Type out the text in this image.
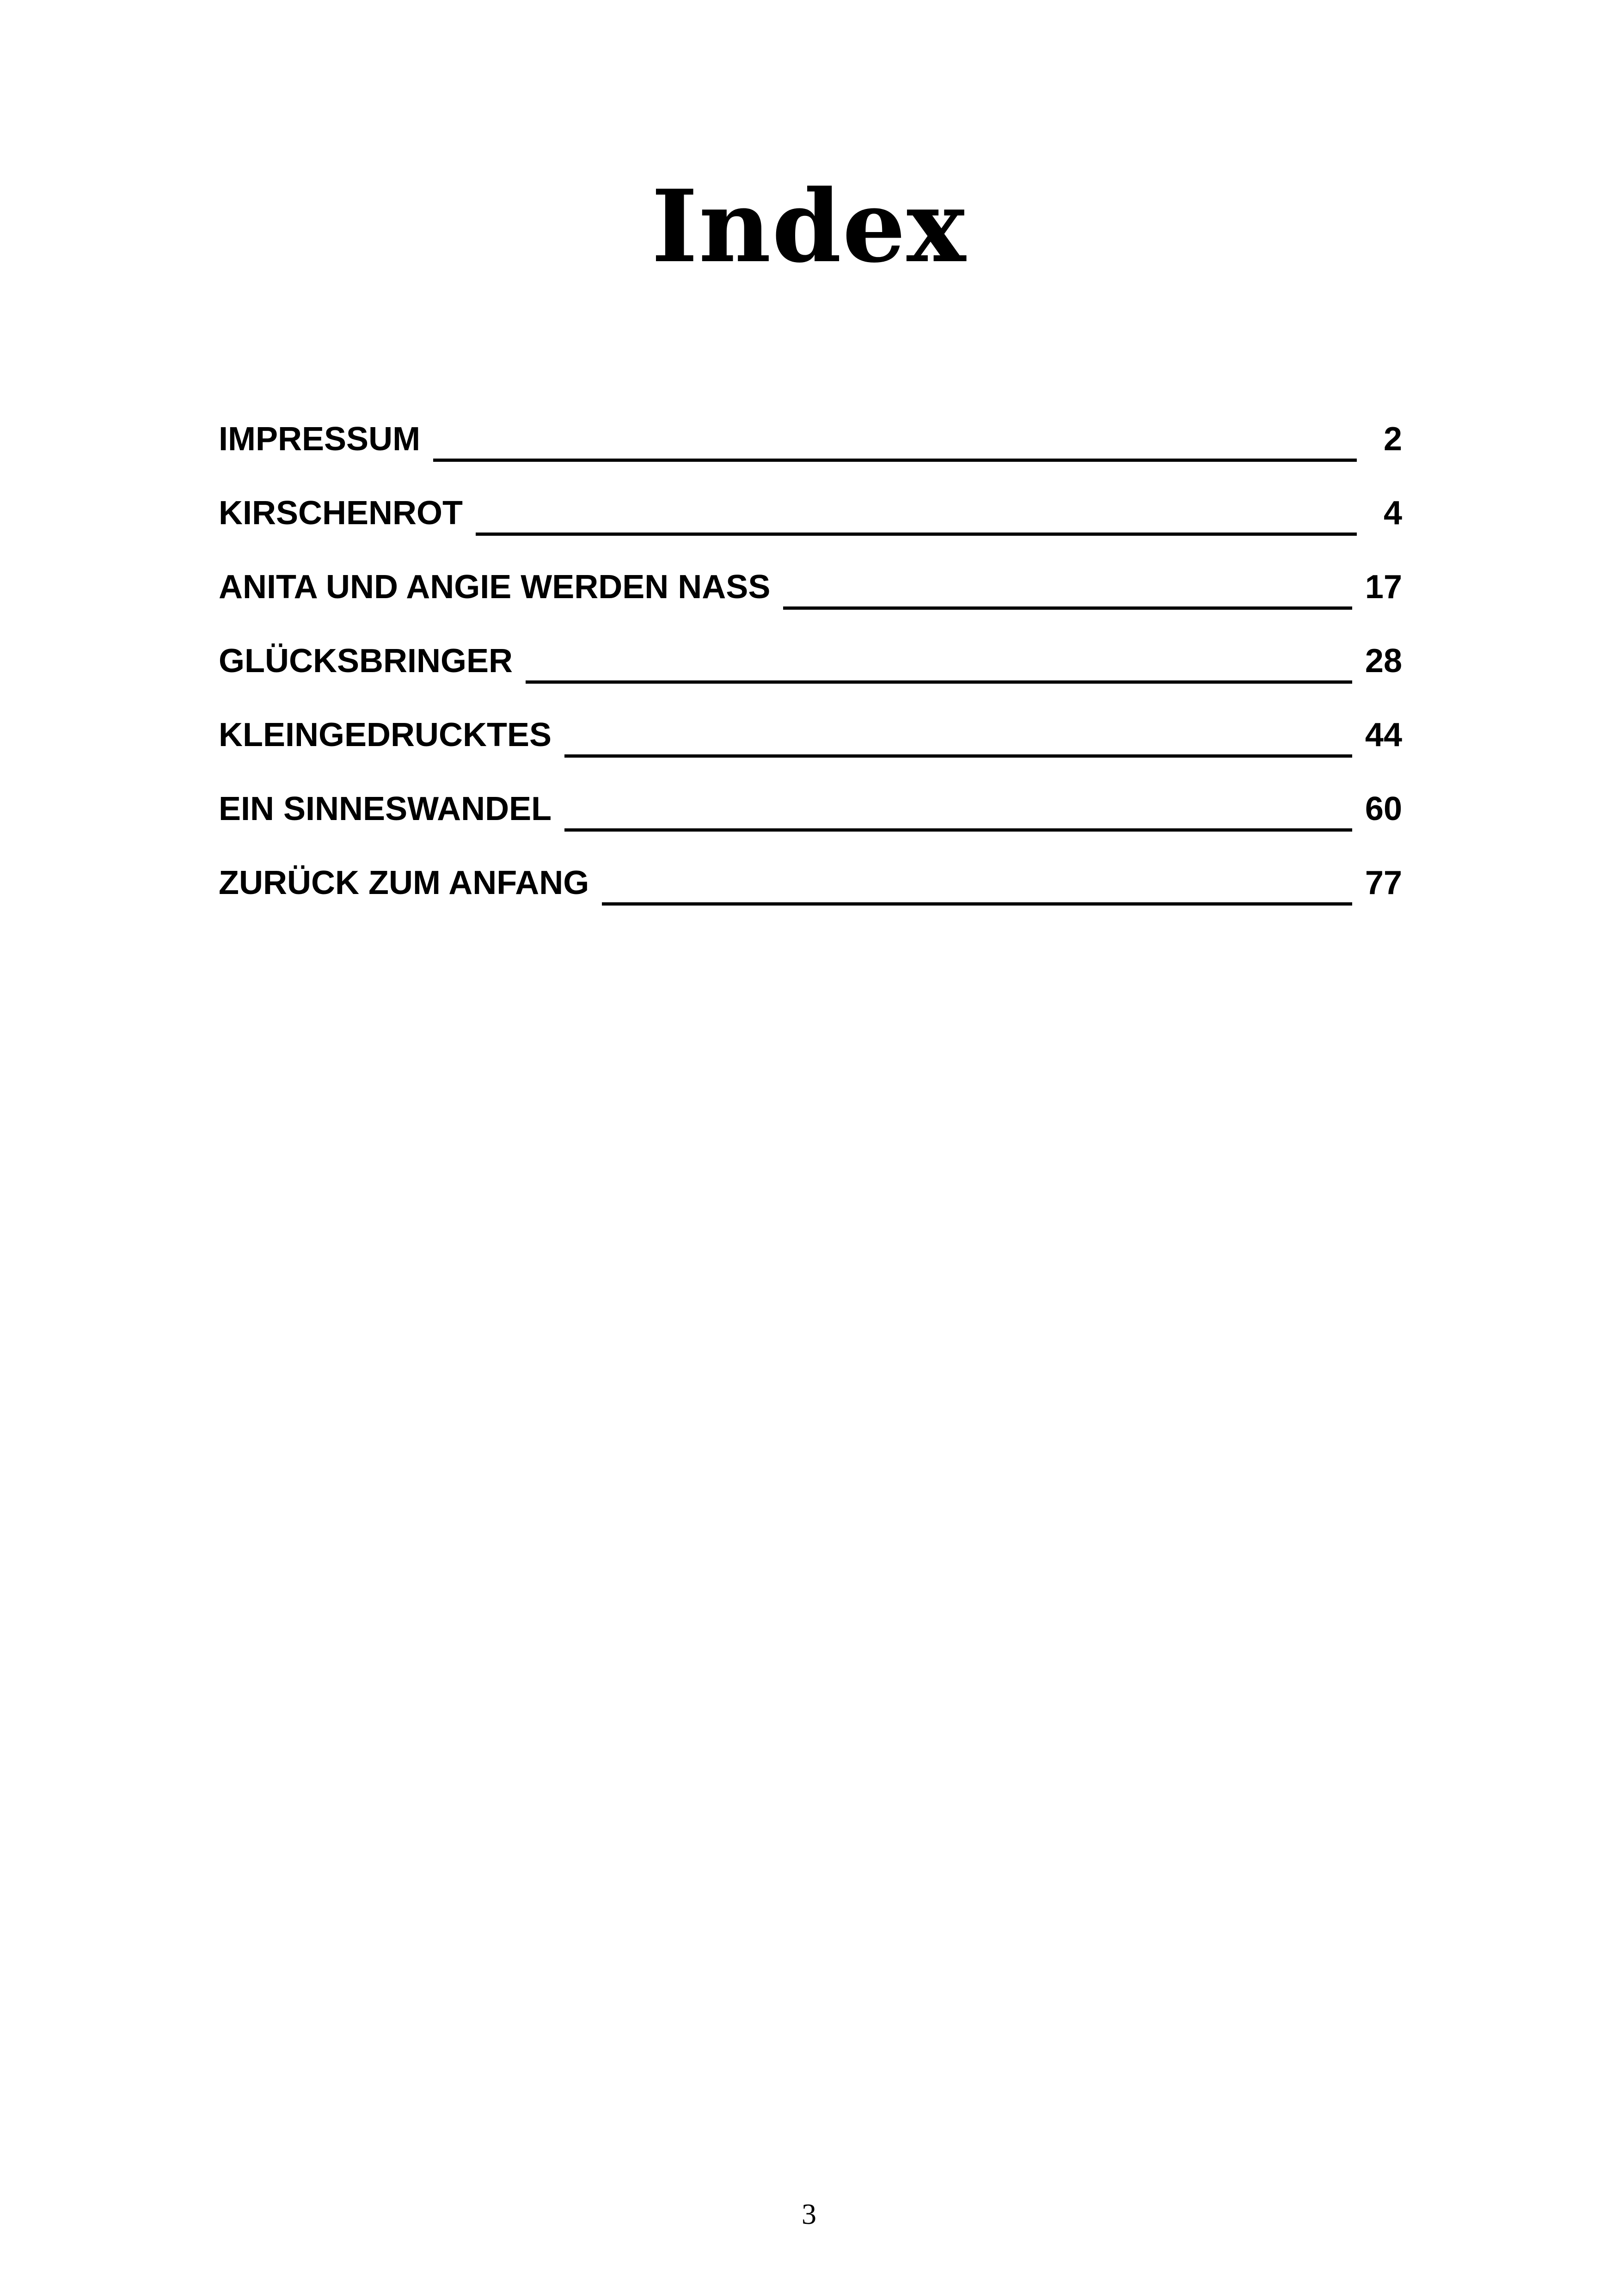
Index
IMPRESSUM	2
KIRSCHENROT	4
ANITA UND ANGIE WERDEN NASS	17
GLÜCKSBRINGER	28
KLEINGEDRUCKTES	44
EIN SINNESWANDEL	60
ZURÜCK ZUM ANFANG	77
3
